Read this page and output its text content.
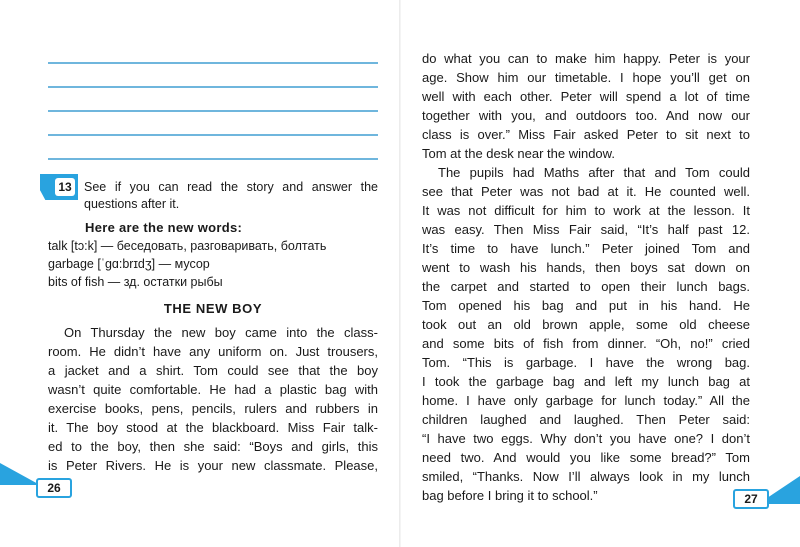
13 See if you can read the story and answer the
questions after it.
Here are the new words:
talk [tɔ:k] — беседовать, разговаривать, болтать
garbage [ˈɡɑ:brɪdʒ] — мусор
bits of fish — зд. остатки рыбы
THE NEW BOY
On Thursday the new boy came into the class-
room. He didn’t have any uniform on. Just trousers,
a jacket and a shirt. Tom could see that the boy
wasn’t quite comfortable. He had a plastic bag with
exercise books, pens, pencils, rulers and rubbers in
it. The boy stood at the blackboard. Miss Fair talk-
ed to the boy, then she said: “Boys and girls, this
is Peter Rivers. He is your new classmate. Please,
do what you can to make him happy. Peter is your
age. Show him our timetable. I hope you’ll get on
well with each other. Peter will spend a lot of time
together with you, and outdoors too. And now our
class is over.” Miss Fair asked Peter to sit next to
Tom at the desk near the window.
The pupils had Maths after that and Tom could
see that Peter was not bad at it. He counted well.
It was not difficult for him to work at the lesson. It
was easy. Then Miss Fair said, “It’s half past 12.
It’s time to have lunch.” Peter joined Tom and
went to wash his hands, then boys sat down on
the carpet and started to open their lunch bags.
Tom opened his bag and put in his hand. He
took out an old brown apple, some old cheese
and some bits of fish from dinner. “Oh, no!” cried
Tom. “This is garbage. I have the wrong bag.
I took the garbage bag and left my lunch bag at
home. I have only garbage for lunch today.” All the
children laughed and laughed. Then Peter said:
“I have two eggs. Why don’t you have one? I don’t
need two. And would you like some bread?” Tom
smiled, “Thanks. Now I’ll always look in my lunch
bag before I bring it to school.”
26
27
